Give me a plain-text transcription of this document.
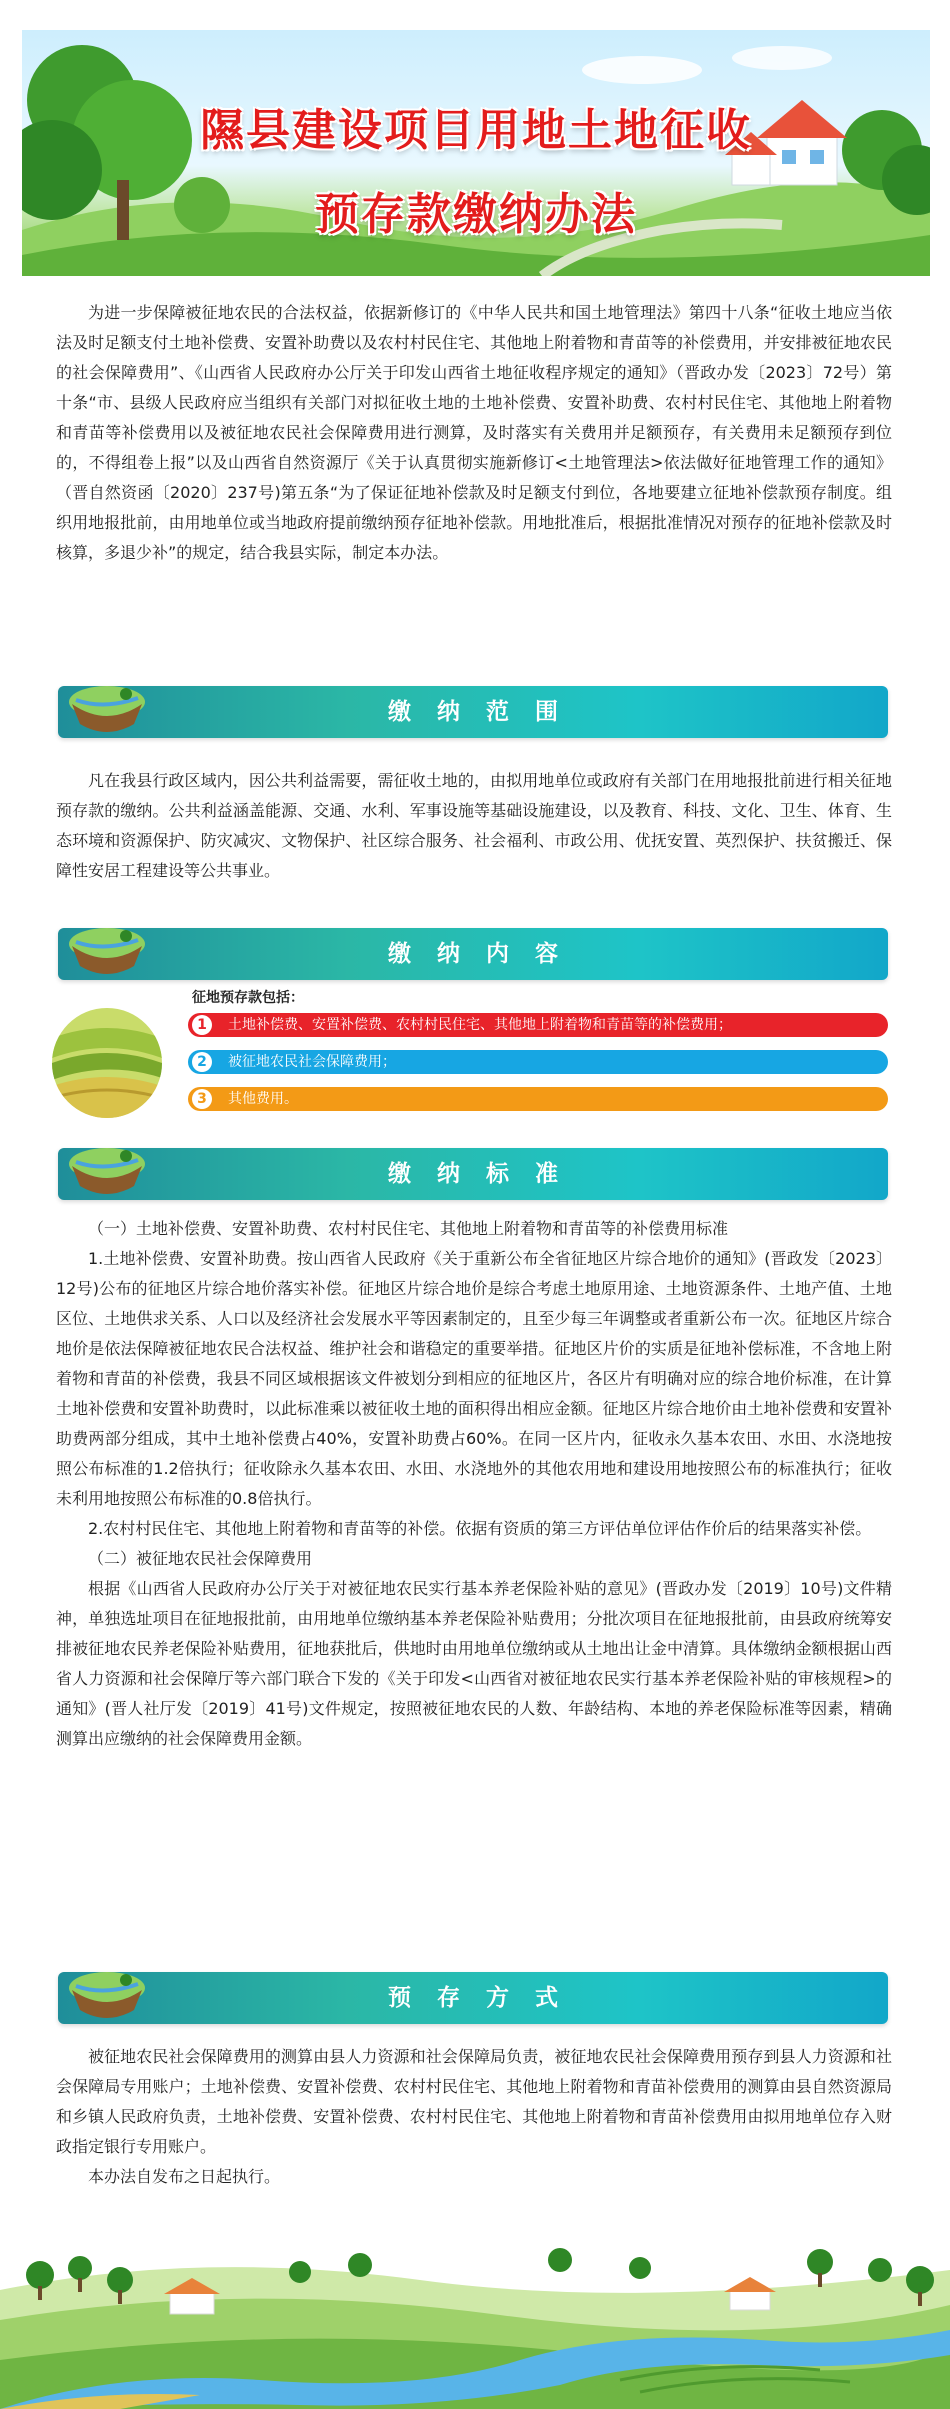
隰县建设项目用地土地征收
预存款缴纳办法

为进一步保障被征地农民的合法权益，依据新修订的《中华人民共和国土地管理法》第四十八条“征收土地应当依法及时足额支付土地补偿费、安置补助费以及农村村民住宅、其他地上附着物和青苗等的补偿费用，并安排被征地农民的社会保障费用”、《山西省人民政府办公厅关于印发山西省土地征收程序规定的通知》（晋政办发〔2023〕72号）第十条“市、县级人民政府应当组织有关部门对拟征收土地的土地补偿费、安置补助费、农村村民住宅、其他地上附着物和青苗等补偿费用以及被征地农民社会保障费用进行测算，及时落实有关费用并足额预存，有关费用未足额预存到位的，不得组卷上报”以及山西省自然资源厅《关于认真贯彻实施新修订<土地管理法>依法做好征地管理工作的通知》（晋自然资函〔2020〕237号)第五条“为了保证征地补偿款及时足额支付到位，各地要建立征地补偿款预存制度。组织用地报批前，由用地单位或当地政府提前缴纳预存征地补偿款。用地批准后，根据批准情况对预存的征地补偿款及时核算，多退少补”的规定，结合我县实际，制定本办法。

缴纳范围

凡在我县行政区域内，因公共利益需要，需征收土地的，由拟用地单位或政府有关部门在用地报批前进行相关征地预存款的缴纳。公共利益涵盖能源、交通、水利、军事设施等基础设施建设，以及教育、科技、文化、卫生、体育、生态环境和资源保护、防灾减灾、文物保护、社区综合服务、社会福利、市政公用、优抚安置、英烈保护、扶贫搬迁、保障性安居工程建设等公共事业。

缴纳内容
征地预存款包括：
1	土地补偿费、安置补偿费、农村村民住宅、其他地上附着物和青苗等的补偿费用；
2	被征地农民社会保障费用；
3	其他费用。
缴纳标准

（一）土地补偿费、安置补助费、农村村民住宅、其他地上附着物和青苗等的补偿费用标准

1.土地补偿费、安置补助费。按山西省人民政府《关于重新公布全省征地区片综合地价的通知》(晋政发〔2023〕12号)公布的征地区片综合地价落实补偿。征地区片综合地价是综合考虑土地原用途、土地资源条件、土地产值、土地区位、土地供求关系、人口以及经济社会发展水平等因素制定的，且至少每三年调整或者重新公布一次。征地区片综合地价是依法保障被征地农民合法权益、维护社会和谐稳定的重要举措。征地区片价的实质是征地补偿标准，不含地上附着物和青苗的补偿费，我县不同区域根据该文件被划分到相应的征地区片，各区片有明确对应的综合地价标准，在计算土地补偿费和安置补助费时，以此标准乘以被征收土地的面积得出相应金额。征地区片综合地价由土地补偿费和安置补助费两部分组成，其中土地补偿费占40%，安置补助费占60%。在同一区片内，征收永久基本农田、水田、水浇地按照公布标准的1.2倍执行；征收除永久基本农田、水田、水浇地外的其他农用地和建设用地按照公布的标准执行；征收未利用地按照公布标准的0.8倍执行。

2.农村村民住宅、其他地上附着物和青苗等的补偿。依据有资质的第三方评估单位评估作价后的结果落实补偿。

（二）被征地农民社会保障费用

根据《山西省人民政府办公厅关于对被征地农民实行基本养老保险补贴的意见》(晋政办发〔2019〕10号)文件精神，单独选址项目在征地报批前，由用地单位缴纳基本养老保险补贴费用；分批次项目在征地报批前，由县政府统筹安排被征地农民养老保险补贴费用，征地获批后，供地时由用地单位缴纳或从土地出让金中清算。具体缴纳金额根据山西省人力资源和社会保障厅等六部门联合下发的《关于印发<山西省对被征地农民实行基本养老保险补贴的审核规程>的通知》(晋人社厅发〔2019〕41号)文件规定，按照被征地农民的人数、年龄结构、本地的养老保险标准等因素，精确测算出应缴纳的社会保障费用金额。

预存方式

被征地农民社会保障费用的测算由县人力资源和社会保障局负责，被征地农民社会保障费用预存到县人力资源和社会保障局专用账户；土地补偿费、安置补偿费、农村村民住宅、其他地上附着物和青苗补偿费用的测算由县自然资源局和乡镇人民政府负责，土地补偿费、安置补偿费、农村村民住宅、其他地上附着物和青苗补偿费用由拟用地单位存入财政指定银行专用账户。

本办法自发布之日起执行。
